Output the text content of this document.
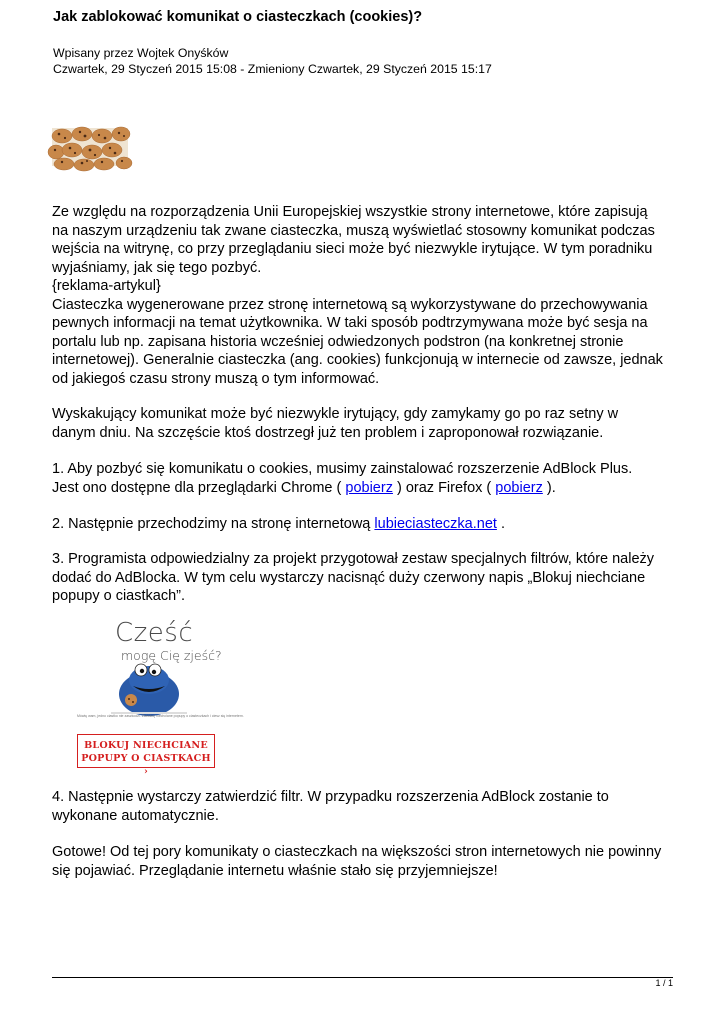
Jak zablokować komunikat o ciasteczkach (cookies)?
Wpisany przez Wojtek Onyśków
Czwartek, 29 Styczeń 2015 15:08 - Zmieniony Czwartek, 29 Styczeń 2015 15:17
Ze względu na rozporządzenia Unii Europejskiej wszystkie strony internetowe, które zapisują
na naszym urządzeniu tak zwane ciasteczka, muszą wyświetlać stosowny komunikat podczas
wejścia na witrynę, co przy przeglądaniu sieci może być niezwykle irytujące. W tym poradniku
wyjaśniamy, jak się tego pozbyć.
{reklama-artykul}
Ciasteczka wygenerowane przez stronę internetową są wykorzystywane do przechowywania
pewnych informacji na temat użytkownika. W taki sposób podtrzymywana może być sesja na
portalu lub np. zapisana historia wcześniej odwiedzonych podstron (na konkretnej stronie
internetowej). Generalnie ciasteczka (ang. cookies) funkcjonują w internecie od zawsze, jednak
od jakiegoś czasu strony muszą o tym informować.
Wyskakujący komunikat może być niezwykle irytujący, gdy zamykamy go po raz setny w
danym dniu. Na szczęście ktoś dostrzegł już ten problem i zaproponował rozwiązanie.
1. Aby pozbyć się komunikatu o cookies, musimy zainstalować rozszerzenie AdBlock Plus.
Jest ono dostępne dla przeglądarki Chrome ( pobierz ) oraz Firefox ( pobierz ).
2. Następnie przechodzimy na stronę internetową lubieciasteczka.net .
3. Programista odpowiedzialny za projekt przygotował zestaw specjalnych filtrów, które należy
dodać do AdBlocka. W tym celu wystarczy nacisnąć duży czerwony napis „Blokuj niechciane
popupy o ciastkach”.
Cześć
mogę Cię zjeść?
Mówię wam, jedno ciastko nie zaszkodzi. Zablokuj niechciane popupy o ciasteczkach i ciesz się internetem.
BLOKUJ NIECHCIANE
POPUPY O CIASTKACH ›
4. Następnie wystarczy zatwierdzić filtr. W przypadku rozszerzenia AdBlock zostanie to
wykonane automatycznie.
Gotowe! Od tej pory komunikaty o ciasteczkach na większości stron internetowych nie powinny
się pojawiać. Przeglądanie internetu właśnie stało się przyjemniejsze!
1 / 1
